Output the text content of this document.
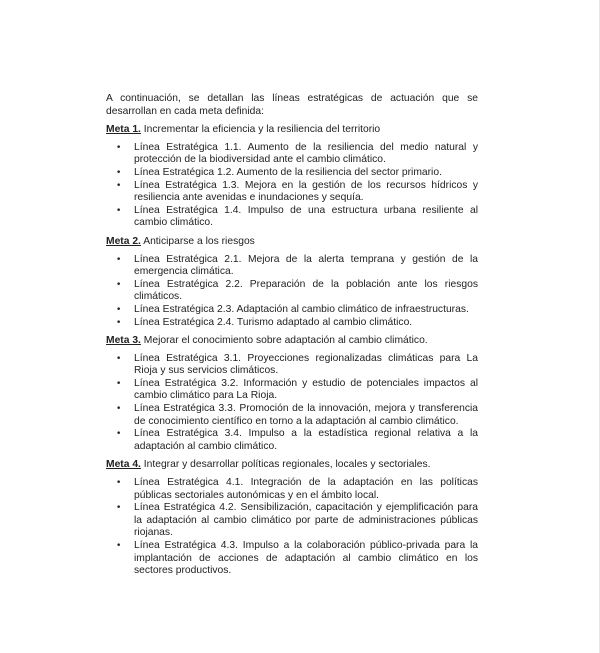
A continuación, se detallan las líneas estratégicas de actuación que se desarrollan en cada meta definida:

Meta 1. Incrementar la eficiencia y la resiliencia del territorio

• Línea Estratégica 1.1. Aumento de la resiliencia del medio natural y protección de la biodiversidad ante el cambio climático.
• Línea Estratégica 1.2. Aumento de la resiliencia del sector primario.
• Línea Estratégica 1.3. Mejora en la gestión de los recursos hídricos y resiliencia ante avenidas e inundaciones y sequía.
• Línea Estratégica 1.4. Impulso de una estructura urbana resiliente al cambio climático.

Meta 2. Anticiparse a los riesgos

• Línea Estratégica 2.1. Mejora de la alerta temprana y gestión de la emergencia climática.
• Línea Estratégica 2.2. Preparación de la población ante los riesgos climáticos.
• Línea Estratégica 2.3. Adaptación al cambio climático de infraestructuras.
• Línea Estratégica 2.4. Turismo adaptado al cambio climático.

Meta 3. Mejorar el conocimiento sobre adaptación al cambio climático.

• Línea Estratégica 3.1. Proyecciones regionalizadas climáticas para La Rioja y sus servicios climáticos.
• Línea Estratégica 3.2. Información y estudio de potenciales impactos al cambio climático para La Rioja.
• Línea Estratégica 3.3. Promoción de la innovación, mejora y transferencia de conocimiento científico en torno a la adaptación al cambio climático.
• Línea Estratégica 3.4. Impulso a la estadística regional relativa a la adaptación al cambio climático.

Meta 4. Integrar y desarrollar políticas regionales, locales y sectoriales.

• Línea Estratégica 4.1. Integración de la adaptación en las políticas públicas sectoriales autonómicas y en el ámbito local.
• Línea Estratégica 4.2. Sensibilización, capacitación y ejemplificación para la adaptación al cambio climático por parte de administraciones públicas riojanas.
• Línea Estratégica 4.3. Impulso a la colaboración público-privada para la implantación de acciones de adaptación al cambio climático en los sectores productivos.
